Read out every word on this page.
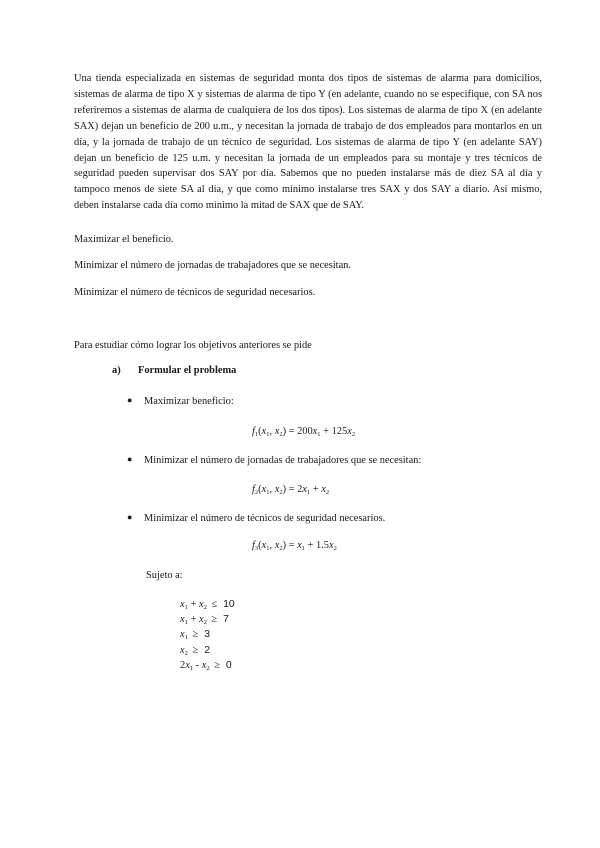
Una tienda especializada en sistemas de seguridad monta dos tipos de sistemas de alarma para domicilios, sistemas de alarma de tipo X y sistemas de alarma de tipo Y (en adelante, cuando no se especifique, con SA nos referiremos a sistemas de alarma de cualquiera de los dos tipos). Los sistemas de alarma de tipo X (en adelante SAX) dejan un beneficio de 200 u.m., y necesitan la jornada de trabajo de dos empleados para montarlos en un día, y la jornada de trabajo de un técnico de seguridad. Los sistemas de alarma de tipo Y (en adelante SAY) dejan un beneficio de 125 u.m. y necesitan la jornada de un empleados para su montaje y tres técnicos de seguridad pueden supervisar dos SAY por día. Sabemos que no pueden instalarse más de diez SA al día y tampoco menos de siete SA al día, y que como mínimo instalarse tres SAX y dos SAY a diario. Así mismo, deben instalarse cada día como mínimo la mitad de SAX que de SAY.

Maximizar el beneficio.

Minimizar el número de jornadas de trabajadores que se necesitan.

Minimizar el número de técnicos de seguridad necesarios.

Para estudiar cómo lograr los objetivos anteriores se pide

a) Formular el problema
● Maximizar beneficio:
$f_1(x_1$, $x_2) = 200x_1 + 125x_2$
● Minimizar el número de jornadas de trabajadores que se necesitan:
$f_2(x_1$, $x_2) = 2x_1 + x_2$
● Minimizar el número de técnicos de seguridad necesarios.
$f_3(x_1$, $x_2) = x_1 + 1.5x_2$
Sujeto a:
$x_1 + x_2 \le 10$
$x_1 + x_2 \ge 7$
$x_1 \ge 3$
$x_2 \ge 2$
$2x_1 - x_2 \ge 0$
